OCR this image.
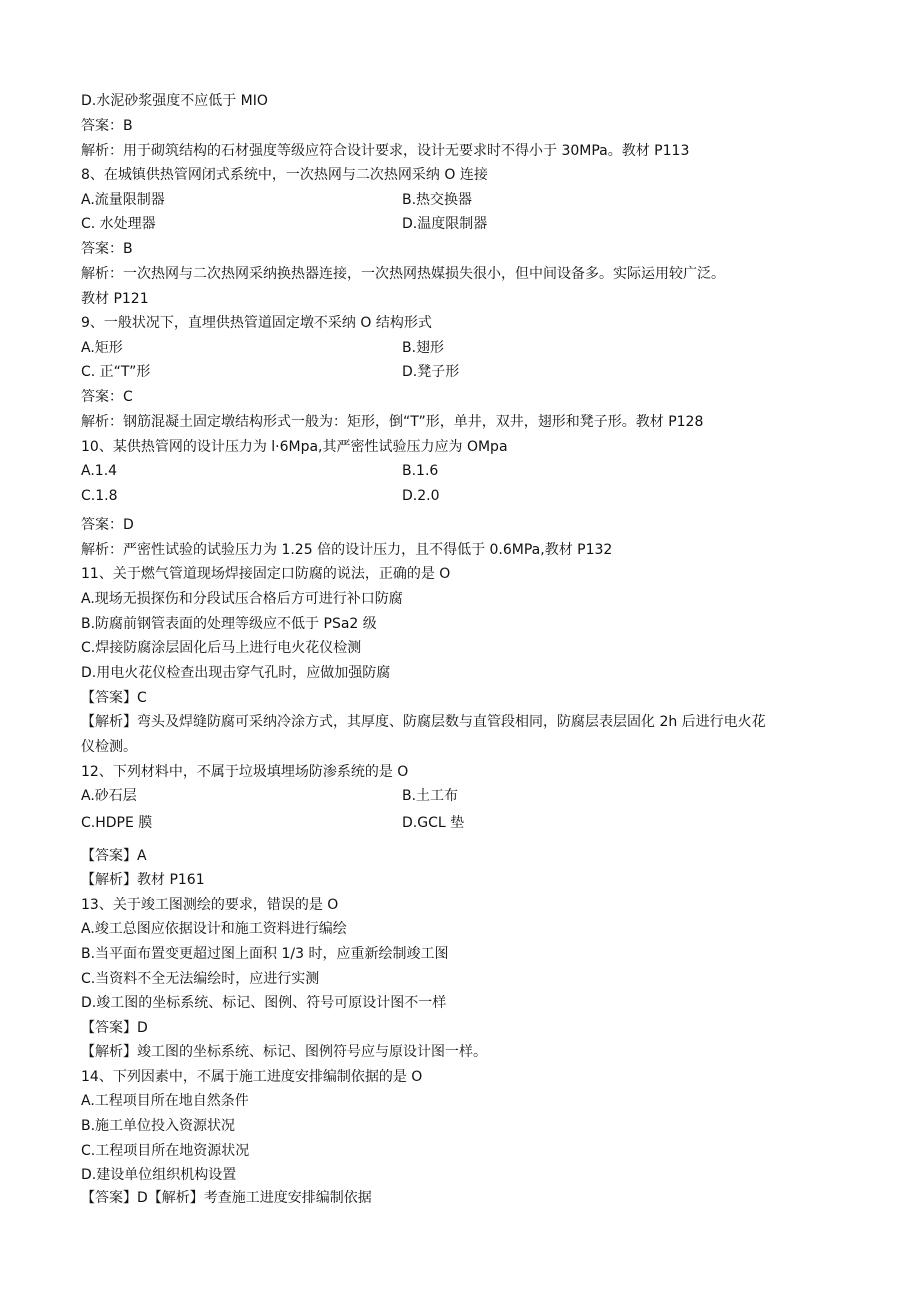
D.水泥砂浆强度不应低于 MIO
答案：B
解析：用于砌筑结构的石材强度等级应符合设计要求，设计无要求时不得小于 30MPa。教材 P113
8、在城镇供热管网闭式系统中，一次热网与二次热网采纳 O 连接
A.流量限制器	B.热交换器
C. 水处理器	D.温度限制器
答案：B
解析：一次热网与二次热网采纳换热器连接，一次热网热媒损失很小，但中间设备多。实际运用较广泛。
教材 P121
9、一般状况下，直埋供热管道固定墩不采纳 O 结构形式
A.矩形	B.翅形
C. 正“T”形	D.凳子形
答案：C
解析：钢筋混凝土固定墩结构形式一般为：矩形，倒“T”形，单井，双井，翅形和凳子形。教材 P128
10、某供热管网的设计压力为 l·6Mpa,其严密性试验压力应为 OMpa
A.1.4	B.1.6
C.1.8	D.2.0
答案：D
解析：严密性试验的试验压力为 1.25 倍的设计压力，且不得低于 0.6MPa,教材 P132
11、关于燃气管道现场焊接固定口防腐的说法，正确的是 O
A.现场无损探伤和分段试压合格后方可进行补口防腐
B.防腐前钢管表面的处理等级应不低于 PSa2 级
C.焊接防腐涂层固化后马上进行电火花仪检测
D.用电火花仪检查出现击穿气孔时，应做加强防腐
【答案】C
【解析】弯头及焊缝防腐可采纳冷涂方式，其厚度、防腐层数与直管段相同，防腐层表层固化 2h 后进行电火花
仪检测。
12、下列材料中，不属于垃圾填埋场防渗系统的是 O
A.砂石层	B.土工布
C.HDPE 膜	D.GCL 垫
【答案】A
【解析】教材 P161
13、关于竣工图测绘的要求，错误的是 O
A.竣工总图应依据设计和施工资料进行编绘
B.当平面布置变更超过图上面积 1/3 时，应重新绘制竣工图
C.当资料不全无法编绘时，应进行实测
D.竣工图的坐标系统、标记、图例、符号可原设计图不一样
【答案】D
【解析】竣工图的坐标系统、标记、图例符号应与原设计图一样。
14、下列因素中，不属于施工进度安排编制依据的是 O
A.工程项目所在地自然条件
B.施工单位投入资源状况
C.工程项目所在地资源状况
D.建设单位组织机构设置
【答案】D【解析】考查施工进度安排编制依据
